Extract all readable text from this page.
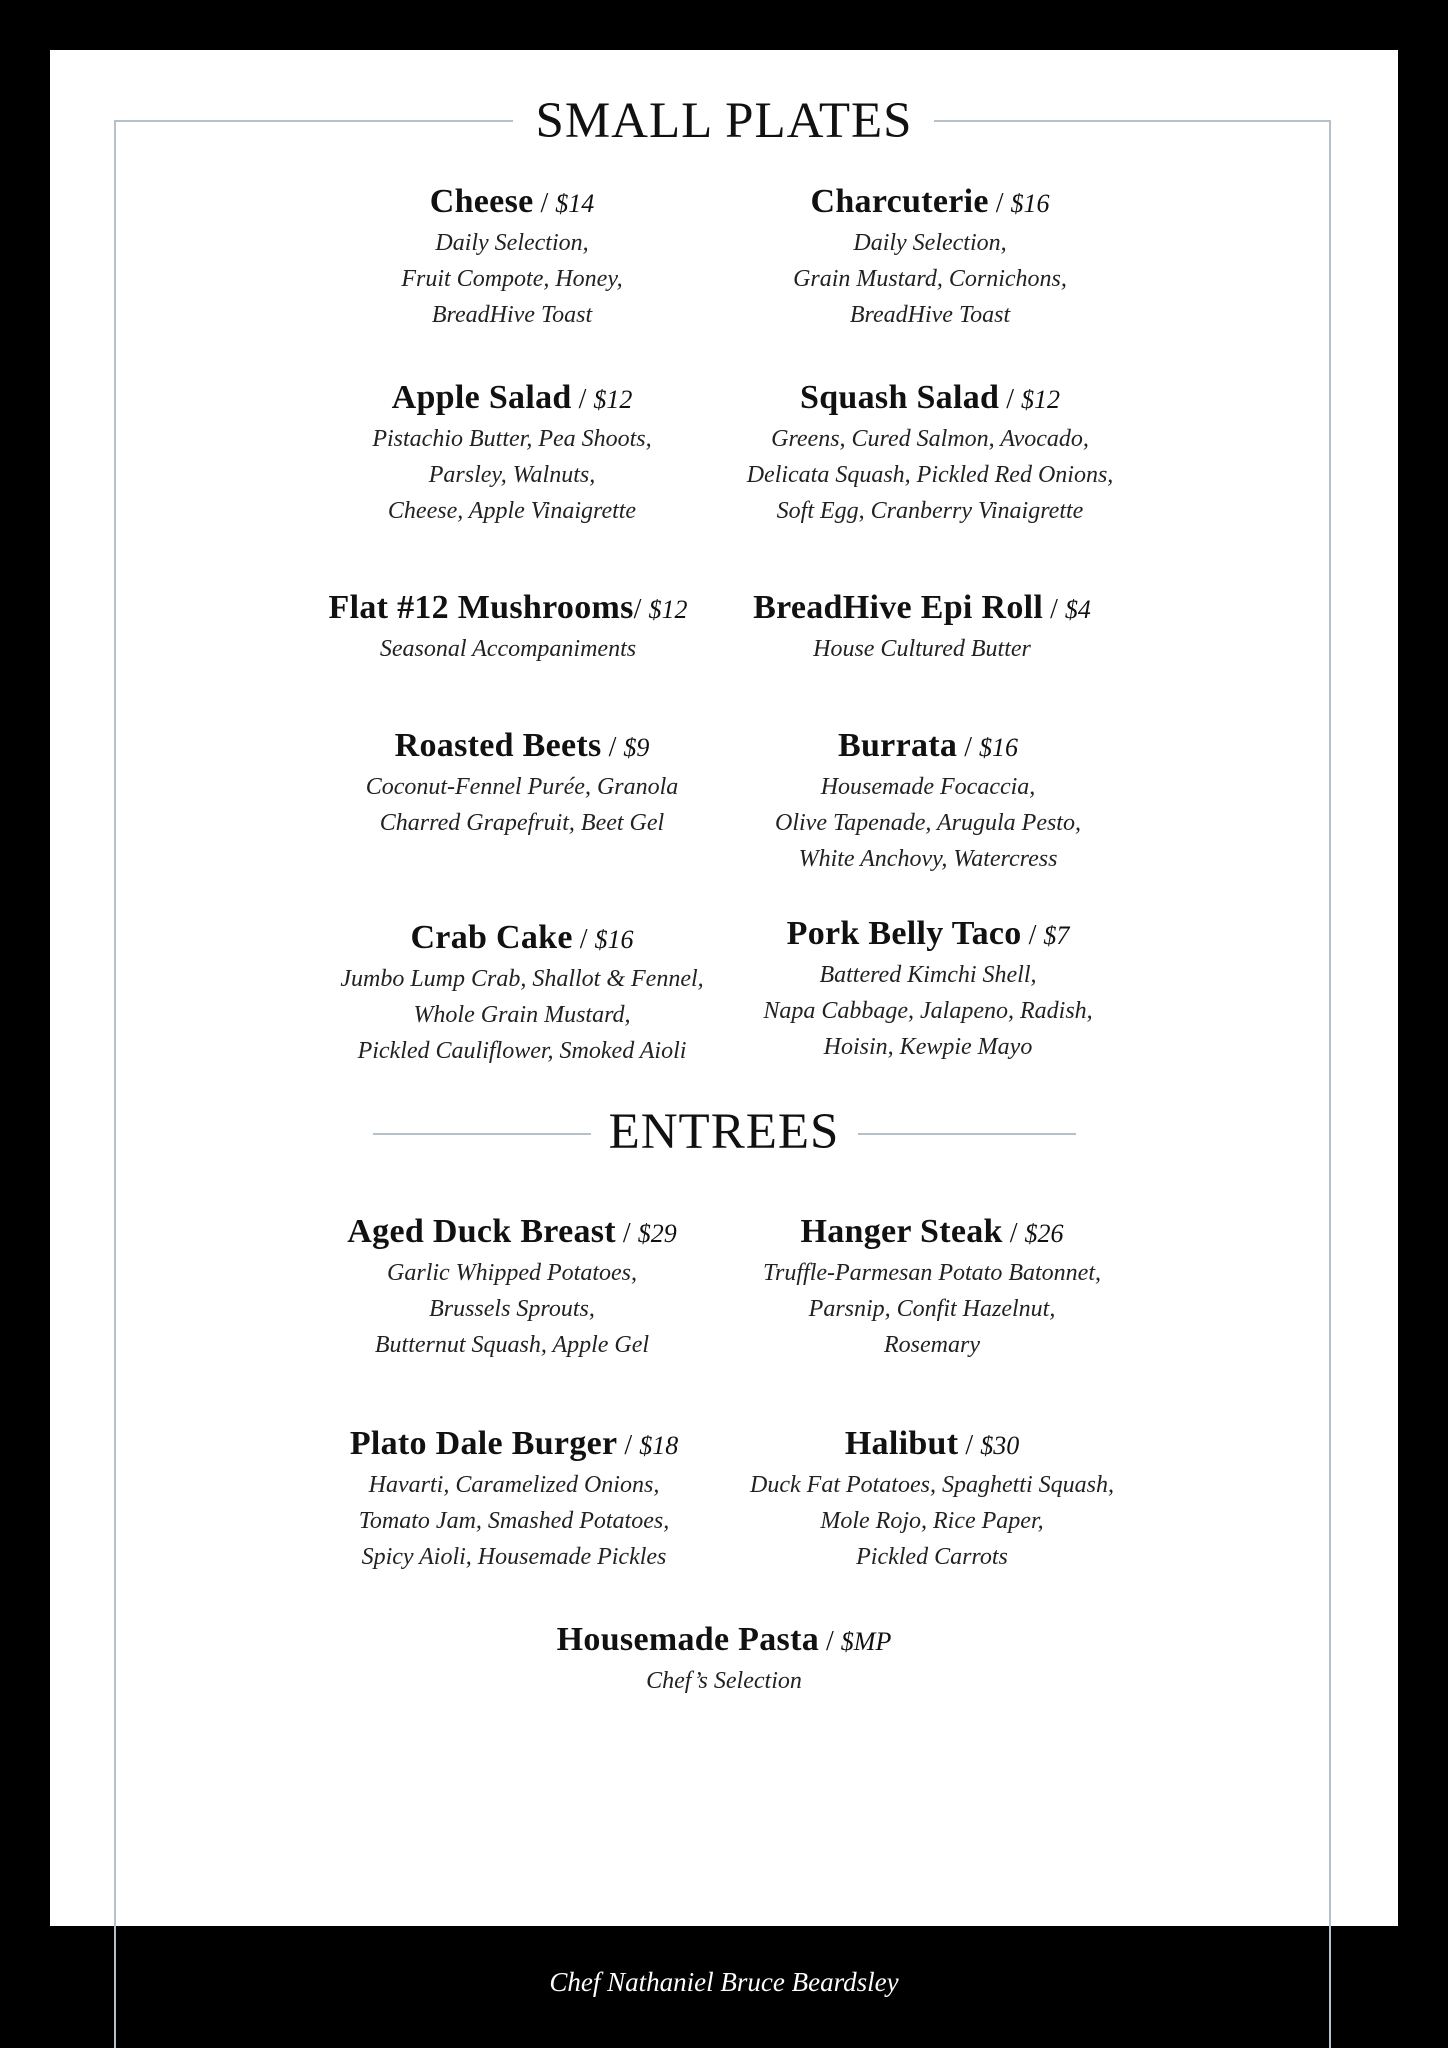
SMALL PLATES
ENTREES
Cheese / $14
Daily Selection,
Fruit Compote, Honey,
BreadHive Toast
Charcuterie / $16
Daily Selection,
Grain Mustard, Cornichons,
BreadHive Toast
Apple Salad / $12
Pistachio Butter, Pea Shoots,
Parsley, Walnuts,
Cheese, Apple Vinaigrette
Squash Salad / $12
Greens, Cured Salmon, Avocado,
Delicata Squash, Pickled Red Onions,
Soft Egg, Cranberry Vinaigrette
Flat #12 Mushrooms/ $12
Seasonal Accompaniments
BreadHive Epi Roll / $4
House Cultured Butter
Roasted Beets / $9
Coconut-Fennel Purée, Granola
Charred Grapefruit, Beet Gel
Burrata / $16
Housemade Focaccia,
Olive Tapenade, Arugula Pesto,
White Anchovy, Watercress
Crab Cake / $16
Jumbo Lump Crab, Shallot & Fennel,
Whole Grain Mustard,
Pickled Cauliflower, Smoked Aioli
Pork Belly Taco / $7
Battered Kimchi Shell,
Napa Cabbage, Jalapeno, Radish,
Hoisin, Kewpie Mayo
Aged Duck Breast / $29
Garlic Whipped Potatoes,
Brussels Sprouts,
Butternut Squash, Apple Gel
Hanger Steak / $26
Truffle-Parmesan Potato Batonnet,
Parsnip, Confit Hazelnut,
Rosemary
Plato Dale Burger / $18
Havarti, Caramelized Onions,
Tomato Jam, Smashed Potatoes,
Spicy Aioli, Housemade Pickles
Halibut / $30
Duck Fat Potatoes, Spaghetti Squash,
Mole Rojo, Rice Paper,
Pickled Carrots
Housemade Pasta / $MP
Chef’s Selection
Chef Nathaniel Bruce Beardsley
